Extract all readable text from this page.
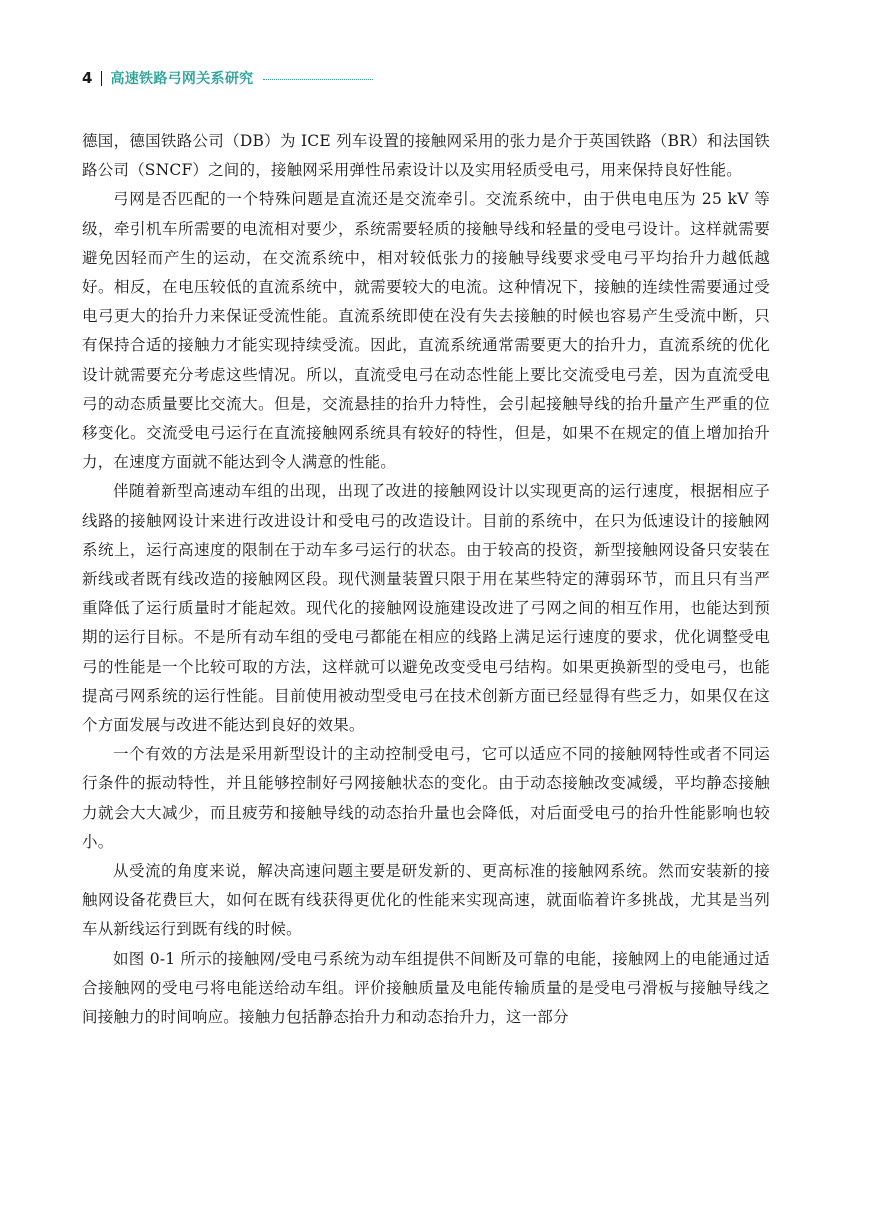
4 高速铁路弓网关系研究

德国，德国铁路公司（DB）为 ICE 列车设置的接触网采用的张力是介于英国铁路（BR）和法国铁路公司（SNCF）之间的，接触网采用弹性吊索设计以及实用轻质受电弓，用来保持良好性能。

弓网是否匹配的一个特殊问题是直流还是交流牵引。交流系统中，由于供电电压为 25 kV 等级，牵引机车所需要的电流相对要少，系统需要轻质的接触导线和轻量的受电弓设计。这样就需要避免因轻而产生的运动，在交流系统中，相对较低张力的接触导线要求受电弓平均抬升力越低越好。相反，在电压较低的直流系统中，就需要较大的电流。这种情况下，接触的连续性需要通过受电弓更大的抬升力来保证受流性能。直流系统即使在没有失去接触的时候也容易产生受流中断，只有保持合适的接触力才能实现持续受流。因此，直流系统通常需要更大的抬升力，直流系统的优化设计就需要充分考虑这些情况。所以，直流受电弓在动态性能上要比交流受电弓差，因为直流受电弓的动态质量要比交流大。但是，交流悬挂的抬升力特性，会引起接触导线的抬升量产生严重的位移变化。交流受电弓运行在直流接触网系统具有较好的特性，但是，如果不在规定的值上增加抬升力，在速度方面就不能达到令人满意的性能。

伴随着新型高速动车组的出现，出现了改进的接触网设计以实现更高的运行速度，根据相应子线路的接触网设计来进行改进设计和受电弓的改造设计。目前的系统中，在只为低速设计的接触网系统上，运行高速度的限制在于动车多弓运行的状态。由于较高的投资，新型接触网设备只安装在新线或者既有线改造的接触网区段。现代测量装置只限于用在某些特定的薄弱环节，而且只有当严重降低了运行质量时才能起效。现代化的接触网设施建设改进了弓网之间的相互作用，也能达到预期的运行目标。不是所有动车组的受电弓都能在相应的线路上满足运行速度的要求，优化调整受电弓的性能是一个比较可取的方法，这样就可以避免改变受电弓结构。如果更换新型的受电弓，也能提高弓网系统的运行性能。目前使用被动型受电弓在技术创新方面已经显得有些乏力，如果仅在这个方面发展与改进不能达到良好的效果。

一个有效的方法是采用新型设计的主动控制受电弓，它可以适应不同的接触网特性或者不同运行条件的振动特性，并且能够控制好弓网接触状态的变化。由于动态接触改变减缓，平均静态接触力就会大大减少，而且疲劳和接触导线的动态抬升量也会降低，对后面受电弓的抬升性能影响也较小。

从受流的角度来说，解决高速问题主要是研发新的、更高标准的接触网系统。然而安装新的接触网设备花费巨大，如何在既有线获得更优化的性能来实现高速，就面临着许多挑战，尤其是当列车从新线运行到既有线的时候。

如图 0-1 所示的接触网/受电弓系统为动车组提供不间断及可靠的电能，接触网上的电能通过适合接触网的受电弓将电能送给动车组。评价接触质量及电能传输质量的是受电弓滑板与接触导线之间接触力的时间响应。接触力包括静态抬升力和动态抬升力，这一部分
